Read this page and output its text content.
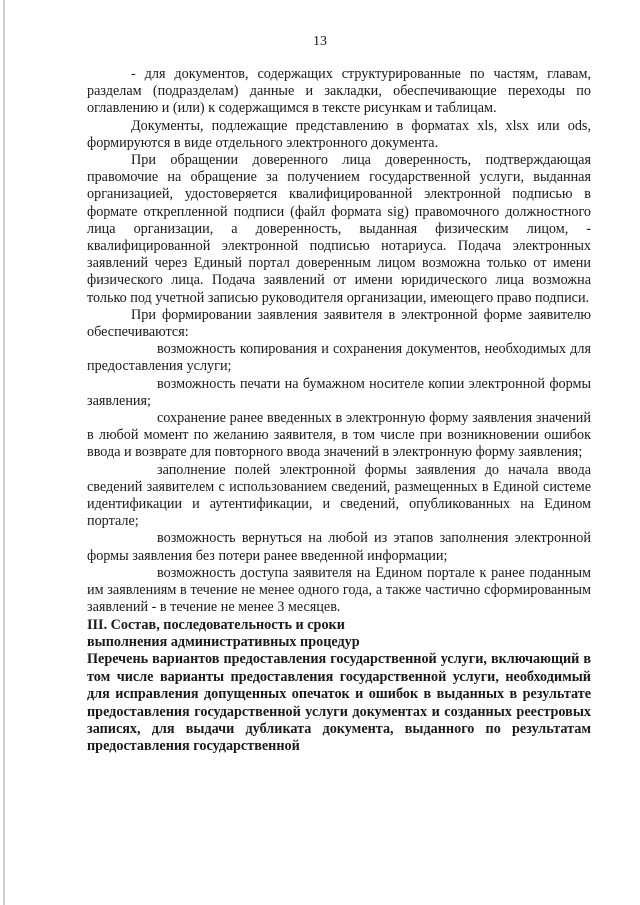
13

- для документов, содержащих структурированные по частям, главам, разделам (подразделам) данные и закладки, обеспечивающие переходы по оглавлению и (или) к содержащимся в тексте рисункам и таблицам.

Документы, подлежащие представлению в форматах xls, xlsx или ods, формируются в виде отдельного электронного документа.

При обращении доверенного лица доверенность, подтверждающая правомочие на обращение за получением государственной услуги, выданная организацией, удостоверяется квалифицированной электронной подписью в формате открепленной подписи (файл формата sig) правомочного должностного лица организации, а доверенность, выданная физическим лицом, - квалифицированной электронной подписью нотариуса. Подача электронных заявлений через Единый портал доверенным лицом возможна только от имени физического лица. Подача заявлений от имени юридического лица возможна только под учетной записью руководителя организации, имеющего право подписи.

При формировании заявления заявителя в электронной форме заявителю обеспечиваются:

возможность копирования и сохранения документов, необходимых для предоставления услуги;

возможность печати на бумажном носителе копии электронной формы заявления;

сохранение ранее введенных в электронную форму заявления значений в любой момент по желанию заявителя, в том числе при возникновении ошибок ввода и возврате для повторного ввода значений в электронную форму заявления;

заполнение полей электронной формы заявления до начала ввода сведений заявителем с использованием сведений, размещенных в Единой системе идентификации и аутентификации, и сведений, опубликованных на Едином портале;

возможность вернуться на любой из этапов заполнения электронной формы заявления без потери ранее введенной информации;

возможность доступа заявителя на Едином портале к ранее поданным им заявлениям в течение не менее одного года, а также частично сформированным заявлений - в течение не менее 3 месяцев.

III. Состав, последовательность и сроки

выполнения административных процедур

Перечень вариантов предоставления государственной услуги, включающий в том числе варианты предоставления государственной услуги, необходимый для исправления допущенных опечаток и ошибок в выданных в результате предоставления государственной услуги документах и созданных реестровых записях, для выдачи дубликата документа, выданного по результатам предоставления государственной
